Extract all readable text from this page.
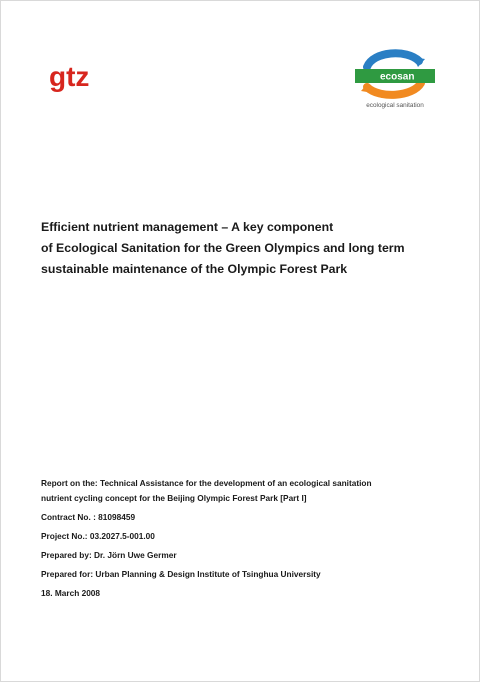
gtz	ecosan
ecological sanitation
Efficient nutrient management – A key component
of Ecological Sanitation for the Green Olympics and long term
sustainable maintenance of the Olympic Forest Park
Report on the: Technical Assistance for the development of an ecological sanitation
nutrient cycling concept for the Beijing Olympic Forest Park [Part I]
Contract No. : 81098459
Project No.: 03.2027.5-001.00
Prepared by: Dr. Jörn Uwe Germer
Prepared for: Urban Planning & Design Institute of Tsinghua University
18. March 2008
